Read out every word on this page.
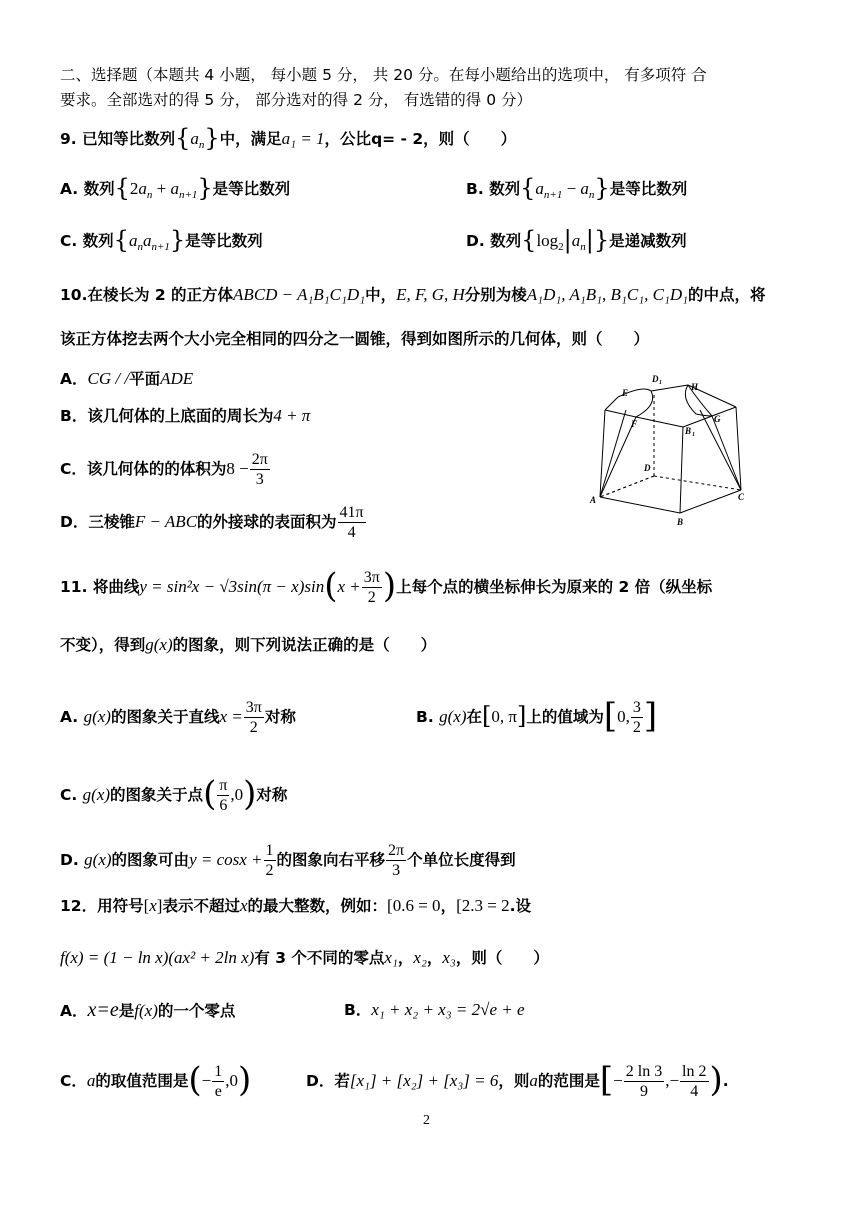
二、选择题（本题共 4 小题， 每小题 5 分， 共 20 分。在每小题给出的选项中， 有多项符 合
要求。全部选对的得 5 分， 部分选对的得 2 分， 有选错的得 0 分）
9. 已知等比数列$\{a_n\}$中，满足a₁ = 1，公比q= - 2，则（　　）
A. 数列$\{2a_n + a_{n+1}\}$是等比数列	B. 数列$\{a_{n+1} - a_n\}$是等比数列
C. 数列$\{a_na_{n+1}\}$是等比数列	D. 数列$\{\log_2|a_n|\}$是递减数列
10.在棱长为 2 的正方体ABCD − A₁B₁C₁D₁中，E, F, G, H分别为棱A₁D₁, A₁B₁, B₁C₁, C₁D₁的中点，将
该正方体挖去两个大小完全相同的四分之一圆锥，得到如图所示的几何体，则（　　）
A．CG / /平面ADE
B．该几何体的上底面的周长为4 + π
C．该几何体的的体积为$8 - \frac{2\pi}{3}$
D．三棱锥F − ABC的外接球的表面积为 $\frac{41\pi}{4}$
D 1	H
E
B 1
G
F
D
A	C
B
11. 将曲线$y = \sin^2x - √3\sin(\pi - x)\sin(x + \frac{3\pi}{2}$ )上每个点的横坐标伸长为原来的 2 倍（纵坐标
不变），得到g(x)的图象，则下列说法正确的是（　　）
A. g(x)的图象关于直线$x = \frac{3\pi}{2}$ 对称	B. g(x)在[0, π]上的值域为[0, $\frac{3}{2}$ ]
C. g(x)的图象关于点( $\frac{\pi}{6} ,0$)对称
D. g(x)的图象可由$y = \cos x + \frac{1}{2}$ 的图象向右平移 $\frac{2\pi}{3}$ 个单位长度得到
12．用符号[x]表示不超过x的最大整数，例如：[0.6 = 0，[2.3 = 2.设
f(x) = (1 − ln x)(ax² + 2ln x)有 3 个不同的零点x₁，x₂，x₃，则（　　）
A．x=e是f(x)的一个零点	B．x₁ + x₂ + x₃ = 2√e + e
C．a的取值范围是(− $\frac{1}{e} ,0$)	D．若[x₁] + [x₂] + [x₃] = 6，则a的范围是[− $\frac{2 \ln 3}{9}$ ,− $\frac{\ln 2}{4}$ ).
2
